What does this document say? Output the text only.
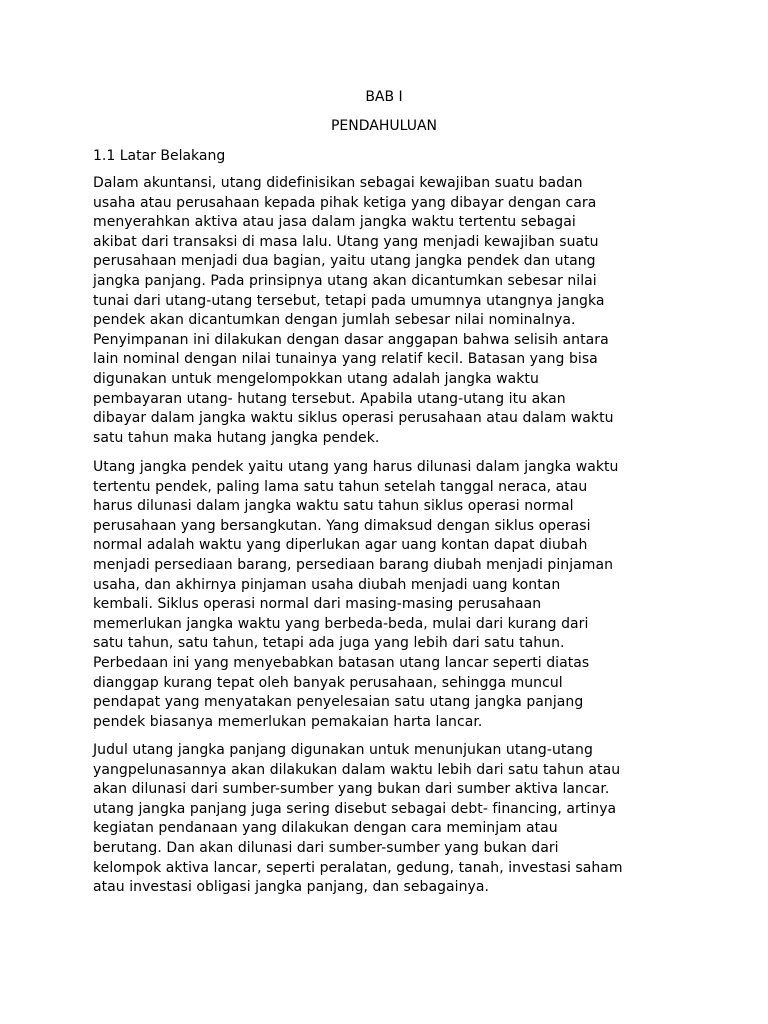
BAB I
PENDAHULUAN
1.1 Latar Belakang

Dalam akuntansi, utang didefinisikan sebagai kewajiban suatu badan
usaha atau perusahaan kepada pihak ketiga yang dibayar dengan cara
menyerahkan aktiva atau jasa dalam jangka waktu tertentu sebagai
akibat dari transaksi di masa lalu. Utang yang menjadi kewajiban suatu
perusahaan menjadi dua bagian, yaitu utang jangka pendek dan utang
jangka panjang. Pada prinsipnya utang akan dicantumkan sebesar nilai
tunai dari utang-utang tersebut, tetapi pada umumnya utangnya jangka
pendek akan dicantumkan dengan jumlah sebesar nilai nominalnya.
Penyimpanan ini dilakukan dengan dasar anggapan bahwa selisih antara
lain nominal dengan nilai tunainya yang relatif kecil. Batasan yang bisa
digunakan untuk mengelompokkan utang adalah jangka waktu
pembayaran utang- hutang tersebut. Apabila utang-utang itu akan
dibayar dalam jangka waktu siklus operasi perusahaan atau dalam waktu
satu tahun maka hutang jangka pendek.

Utang jangka pendek yaitu utang yang harus dilunasi dalam jangka waktu
tertentu pendek, paling lama satu tahun setelah tanggal neraca, atau
harus dilunasi dalam jangka waktu satu tahun siklus operasi normal
perusahaan yang bersangkutan. Yang dimaksud dengan siklus operasi
normal adalah waktu yang diperlukan agar uang kontan dapat diubah
menjadi persediaan barang, persediaan barang diubah menjadi pinjaman
usaha, dan akhirnya pinjaman usaha diubah menjadi uang kontan
kembali. Siklus operasi normal dari masing-masing perusahaan
memerlukan jangka waktu yang berbeda-beda, mulai dari kurang dari
satu tahun, satu tahun, tetapi ada juga yang lebih dari satu tahun.
Perbedaan ini yang menyebabkan batasan utang lancar seperti diatas
dianggap kurang tepat oleh banyak perusahaan, sehingga muncul
pendapat yang menyatakan penyelesaian satu utang jangka panjang
pendek biasanya memerlukan pemakaian harta lancar.

Judul utang jangka panjang digunakan untuk menunjukan utang-utang
yangpelunasannya akan dilakukan dalam waktu lebih dari satu tahun atau
akan dilunasi dari sumber-sumber yang bukan dari sumber aktiva lancar.
utang jangka panjang juga sering disebut sebagai debt- financing, artinya
kegiatan pendanaan yang dilakukan dengan cara meminjam atau
berutang. Dan akan dilunasi dari sumber-sumber yang bukan dari
kelompok aktiva lancar, seperti peralatan, gedung, tanah, investasi saham
atau investasi obligasi jangka panjang, dan sebagainya.
